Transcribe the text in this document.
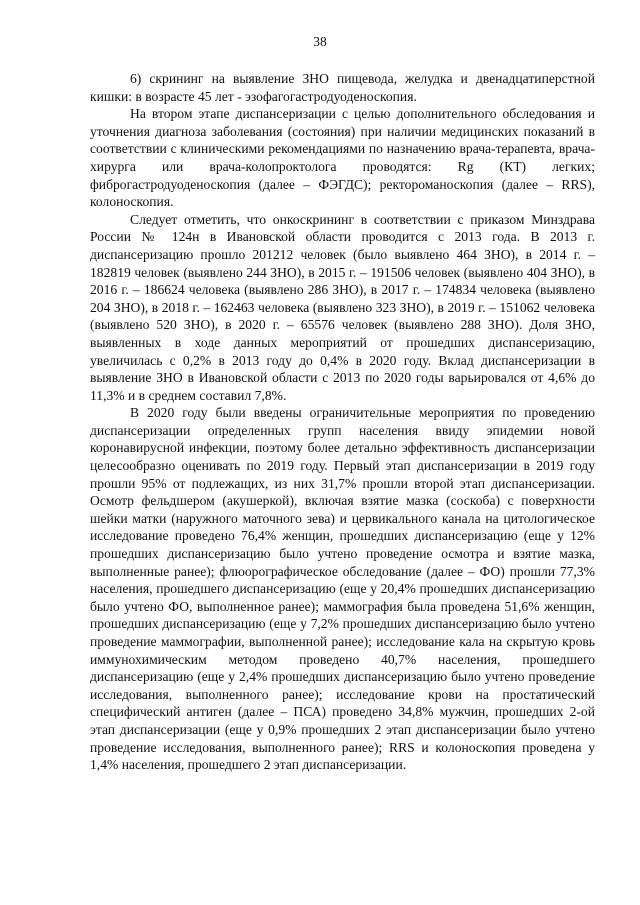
38

6) скрининг на выявление ЗНО пищевода, желудка и двенадцатиперстной кишки: в возрасте 45 лет - эзофагогастродуоденоскопия.

На втором этапе диспансеризации с целью дополнительного обследования и уточнения диагноза заболевания (состояния) при наличии медицинских показаний в соответствии с клиническими рекомендациями по назначению врача-терапевта, врача-хирурга или врача-колопроктолога проводятся: Rg (КТ) легких; фиброгастродуоденоскопия (далее – ФЭГДС); ректороманоскопия (далее – RRS), колоноскопия.

Следует отметить, что онкоскрининг в соответствии с приказом Минздрава России № 124н в Ивановской области проводится с 2013 года. В 2013 г. диспансеризацию прошло 201212 человек (было выявлено 464 ЗНО), в 2014 г. – 182819 человек (выявлено 244 ЗНО), в 2015 г. – 191506 человек (выявлено 404 ЗНО), в 2016 г. – 186624 человека (выявлено 286 ЗНО), в 2017 г. – 174834 человека (выявлено 204 ЗНО), в 2018 г. – 162463 человека (выявлено 323 ЗНО), в 2019 г. – 151062 человека (выявлено 520 ЗНО), в 2020 г. – 65576 человек (выявлено 288 ЗНО). Доля ЗНО, выявленных в ходе данных мероприятий от прошедших диспансеризацию, увеличилась с 0,2% в 2013 году до 0,4% в 2020 году. Вклад диспансеризации в выявление ЗНО в Ивановской области с 2013 по 2020 годы варьировался от 4,6% до 11,3% и в среднем составил 7,8%.

В 2020 году были введены ограничительные мероприятия по проведению диспансеризации определенных групп населения ввиду эпидемии новой коронавирусной инфекции, поэтому более детально эффективность диспансеризации целесообразно оценивать по 2019 году. Первый этап диспансеризации в 2019 году прошли 95% от подлежащих, из них 31,7% прошли второй этап диспансеризации. Осмотр фельдшером (акушеркой), включая взятие мазка (соскоба) с поверхности шейки матки (наружного маточного зева) и цервикального канала на цитологическое исследование проведено 76,4% женщин, прошедших диспансеризацию (еще у 12% прошедших диспансеризацию было учтено проведение осмотра и взятие мазка, выполненные ранее); флюорографическое обследование (далее – ФО) прошли 77,3% населения, прошедшего диспансеризацию (еще у 20,4% прошедших диспансеризацию было учтено ФО, выполненное ранее); маммография была проведена 51,6% женщин, прошедших диспансеризацию (еще у 7,2% прошедших диспансеризацию было учтено проведение маммографии, выполненной ранее); исследование кала на скрытую кровь иммунохимическим методом проведено 40,7% населения, прошедшего диспансеризацию (еще у 2,4% прошедших диспансеризацию было учтено проведение исследования, выполненного ранее); исследование крови на простатический специфический антиген (далее – ПСА) проведено 34,8% мужчин, прошедших 2-ой этап диспансеризации (еще у 0,9% прошедших 2 этап диспансеризации было учтено проведение исследования, выполненного ранее); RRS и колоноскопия проведена у 1,4% населения, прошедшего 2 этап диспансеризации.
